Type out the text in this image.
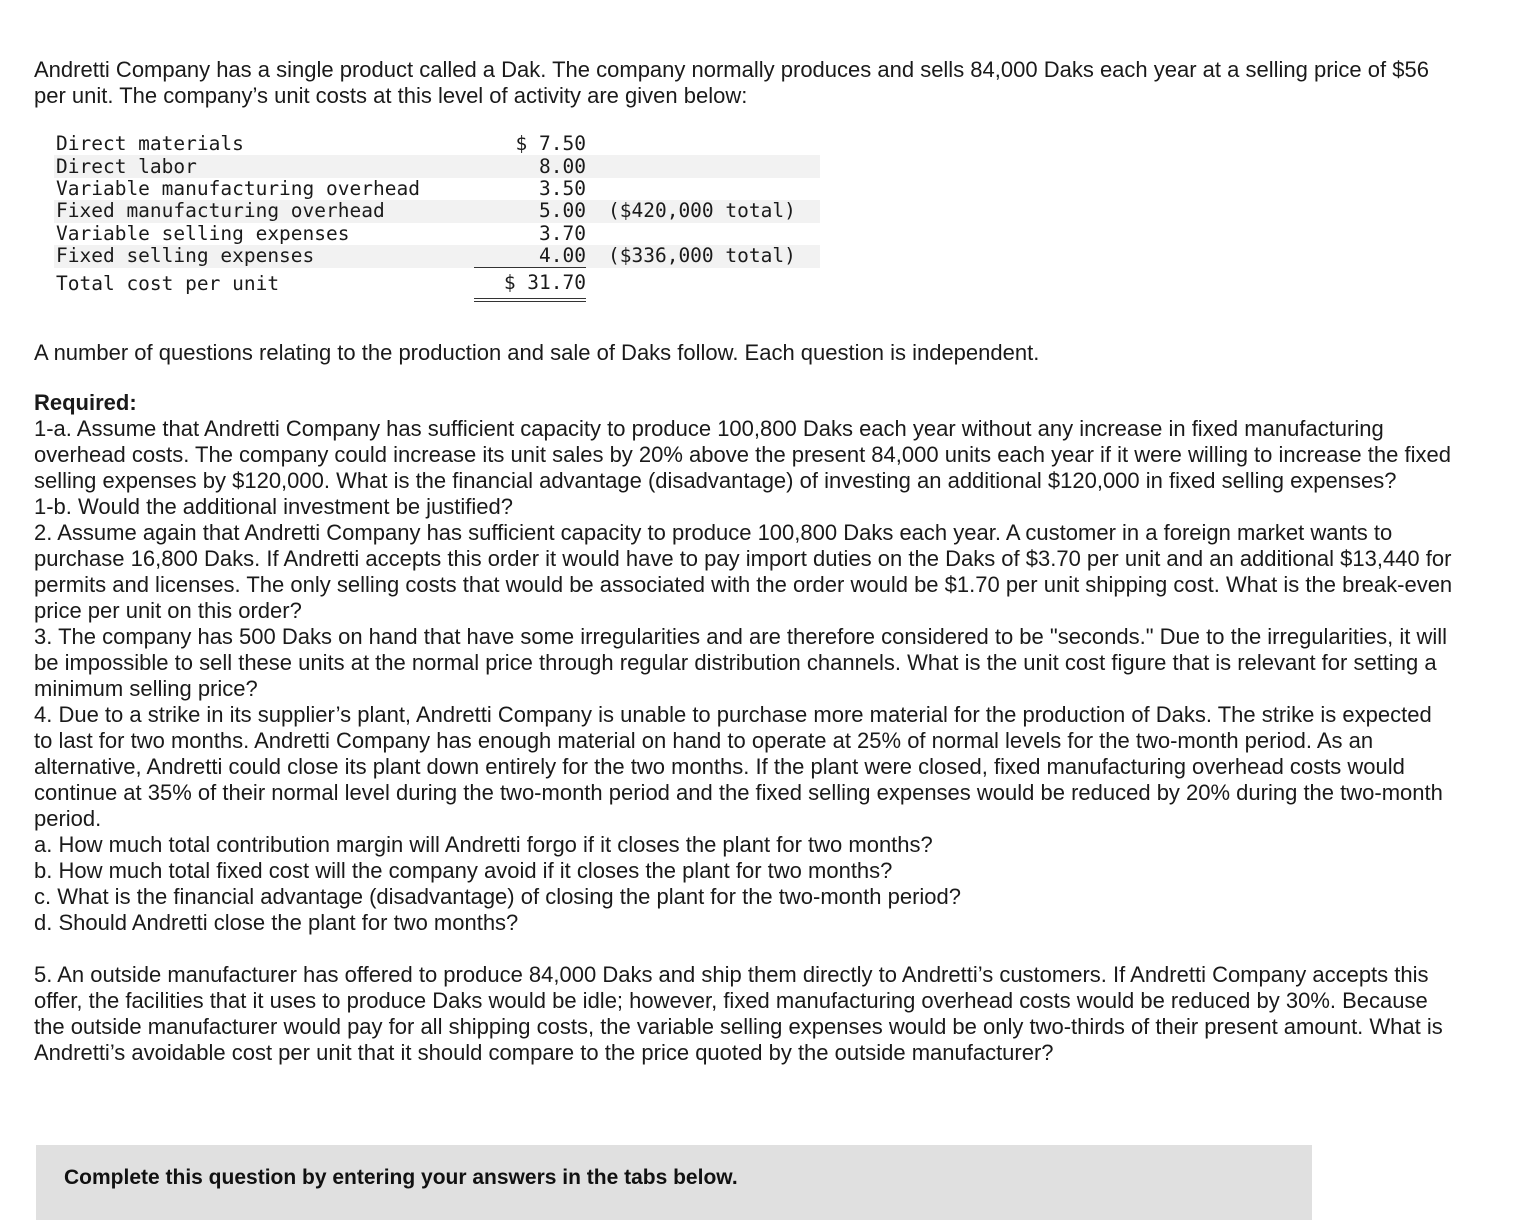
Andretti Company has a single product called a Dak. The company normally produces and sells 84,000 Daks each year at a selling price of $56 per unit. The company’s unit costs at this level of activity are given below:

Direct materials	$ 7.50	
Direct labor	8.00	
Variable manufacturing overhead	3.50	
Fixed manufacturing overhead	5.00	($420,000 total)
Variable selling expenses	3.70	
Fixed selling expenses	4.00	($336,000 total)
Total cost per unit	$ 31.70	

A number of questions relating to the production and sale of Daks follow. Each question is independent.

Required:

1-a. Assume that Andretti Company has sufficient capacity to produce 100,800 Daks each year without any increase in fixed manufacturing overhead costs. The company could increase its unit sales by 20% above the present 84,000 units each year if it were willing to increase the fixed selling expenses by $120,000. What is the financial advantage (disadvantage) of investing an additional $120,000 in fixed selling expenses?

1-b. Would the additional investment be justified?

2. Assume again that Andretti Company has sufficient capacity to produce 100,800 Daks each year. A customer in a foreign market wants to purchase 16,800 Daks. If Andretti accepts this order it would have to pay import duties on the Daks of $3.70 per unit and an additional $13,440 for permits and licenses. The only selling costs that would be associated with the order would be $1.70 per unit shipping cost. What is the break-even price per unit on this order?

3. The company has 500 Daks on hand that have some irregularities and are therefore considered to be "seconds." Due to the irregularities, it will be impossible to sell these units at the normal price through regular distribution channels. What is the unit cost figure that is relevant for setting a minimum selling price?

4. Due to a strike in its supplier’s plant, Andretti Company is unable to purchase more material for the production of Daks. The strike is expected to last for two months. Andretti Company has enough material on hand to operate at 25% of normal levels for the two-month period. As an alternative, Andretti could close its plant down entirely for the two months. If the plant were closed, fixed manufacturing overhead costs would continue at 35% of their normal level during the two-month period and the fixed selling expenses would be reduced by 20% during the two-month period.

a. How much total contribution margin will Andretti forgo if it closes the plant for two months?

b. How much total fixed cost will the company avoid if it closes the plant for two months?

c. What is the financial advantage (disadvantage) of closing the plant for the two-month period?

d. Should Andretti close the plant for two months?

5. An outside manufacturer has offered to produce 84,000 Daks and ship them directly to Andretti’s customers. If Andretti Company accepts this offer, the facilities that it uses to produce Daks would be idle; however, fixed manufacturing overhead costs would be reduced by 30%. Because the outside manufacturer would pay for all shipping costs, the variable selling expenses would be only two-thirds of their present amount. What is Andretti’s avoidable cost per unit that it should compare to the price quoted by the outside manufacturer?

Complete this question by entering your answers in the tabs below.
